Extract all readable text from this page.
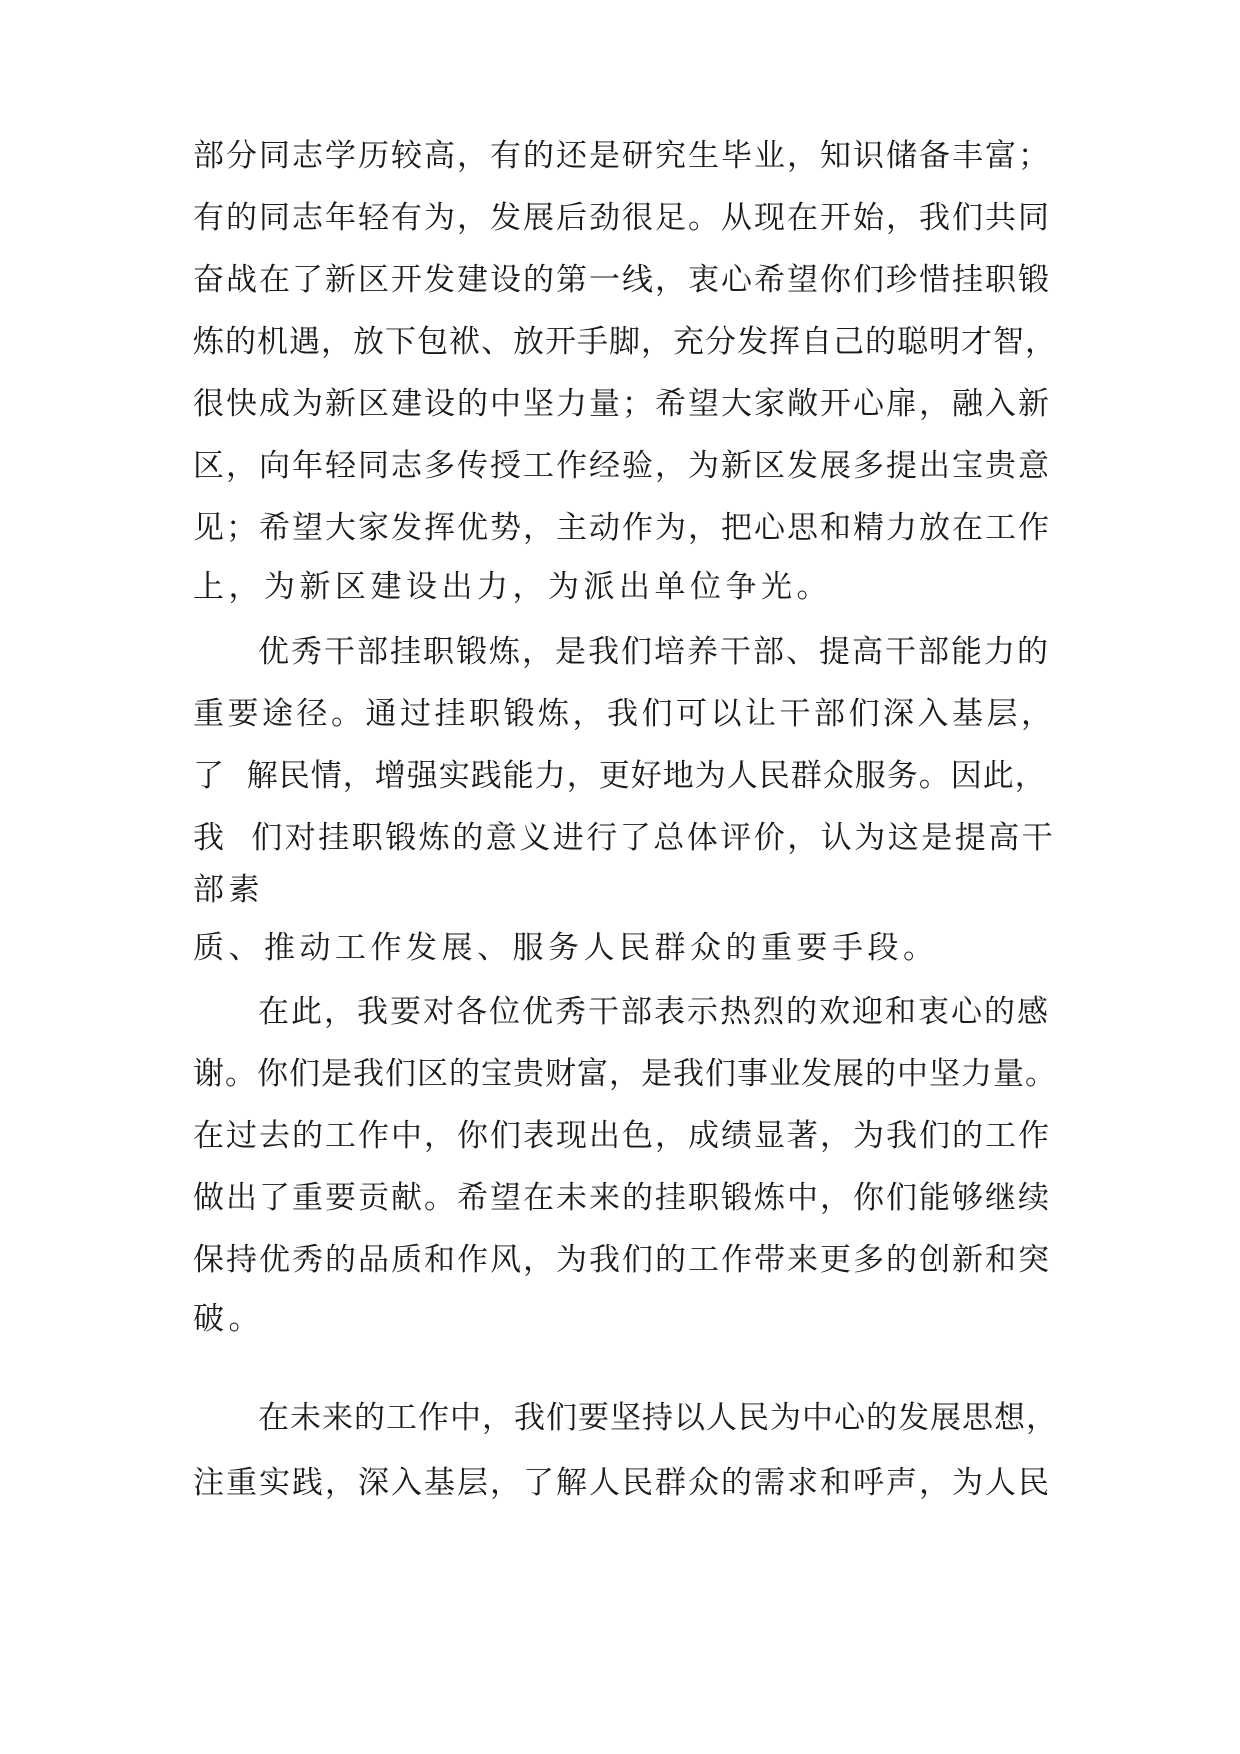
部分同志学历较高，有的还是研究生毕业，知识储备丰富；
有的同志年轻有为，发展后劲很足。从现在开始，我们共同
奋战在了新区开发建设的第一线，衷心希望你们珍惜挂职锻
炼的机遇，放下包袱、放开手脚，充分发挥自己的聪明才智，
很快成为新区建设的中坚力量；希望大家敞开心扉，融入新
区，向年轻同志多传授工作经验，为新区发展多提出宝贵意
见；希望大家发挥优势，主动作为，把心思和精力放在工作
上，为新区建设出力，为派出单位争光。
优秀干部挂职锻炼，是我们培养干部、提高干部能力的
重要途径。通过挂职锻炼，我们可以让干部们深入基层，
了  解民情，增强实践能力，更好地为人民群众服务。因此，
我  们对挂职锻炼的意义进行了总体评价，认为这是提高干
部素
质、推动工作发展、服务人民群众的重要手段。
在此，我要对各位优秀干部表示热烈的欢迎和衷心的感
谢。你们是我们区的宝贵财富，是我们事业发展的中坚力量。
在过去的工作中，你们表现出色，成绩显著，为我们的工作
做出了重要贡献。希望在未来的挂职锻炼中，你们能够继续
保持优秀的品质和作风，为我们的工作带来更多的创新和突
破。
在未来的工作中，我们要坚持以人民为中心的发展思想，
注重实践，深入基层，了解人民群众的需求和呼声，为人民
